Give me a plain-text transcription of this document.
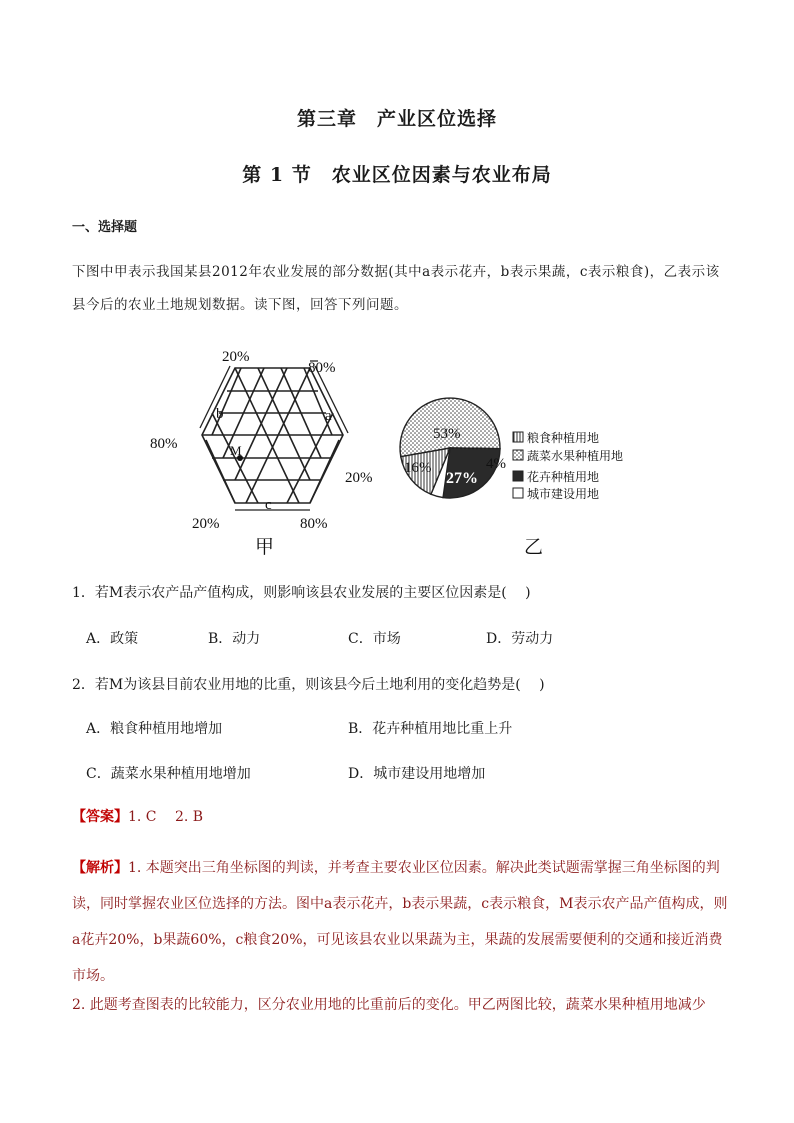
第三章　产业区位选择
第 1 节　农业区位因素与农业布局
一、选择题
下图中甲表示我国某县2012年农业发展的部分数据(其中a表示花卉，b表示果蔬，c表示粮食)，乙表示该县今后的农业土地规划数据。读下图，回答下列问题。
M
a
b
c
20%
80%
80%
20%
20%	80%
甲
53%
27%
16%	4%
乙
粮食种植用地
蔬菜水果种植用地
花卉种植用地
城市建设用地
1．若M表示农产品产值构成，则影响该县农业发展的主要区位因素是(　 )
A．政策	B．动力	C．市场	D．劳动力
2．若M为该县目前农业用地的比重，则该县今后土地利用的变化趋势是(　 )
A．粮食种植用地增加	B．花卉种植用地比重上升
C．蔬菜水果种植用地增加	D．城市建设用地增加
【答案】1. C　 2. B
【解析】1. 本题突出三角坐标图的判读，并考查主要农业区位因素。解决此类试题需掌握三角坐标图的判读，同时掌握农业区位选择的方法。图中a表示花卉，b表示果蔬，c表示粮食，M表示农产品产值构成，则a花卉20%，b果蔬60%，c粮食20%，可见该县农业以果蔬为主，果蔬的发展需要便利的交通和接近消费市场。
2. 此题考查图表的比较能力，区分农业用地的比重前后的变化。甲乙两图比较，蔬菜水果种植用地减少
